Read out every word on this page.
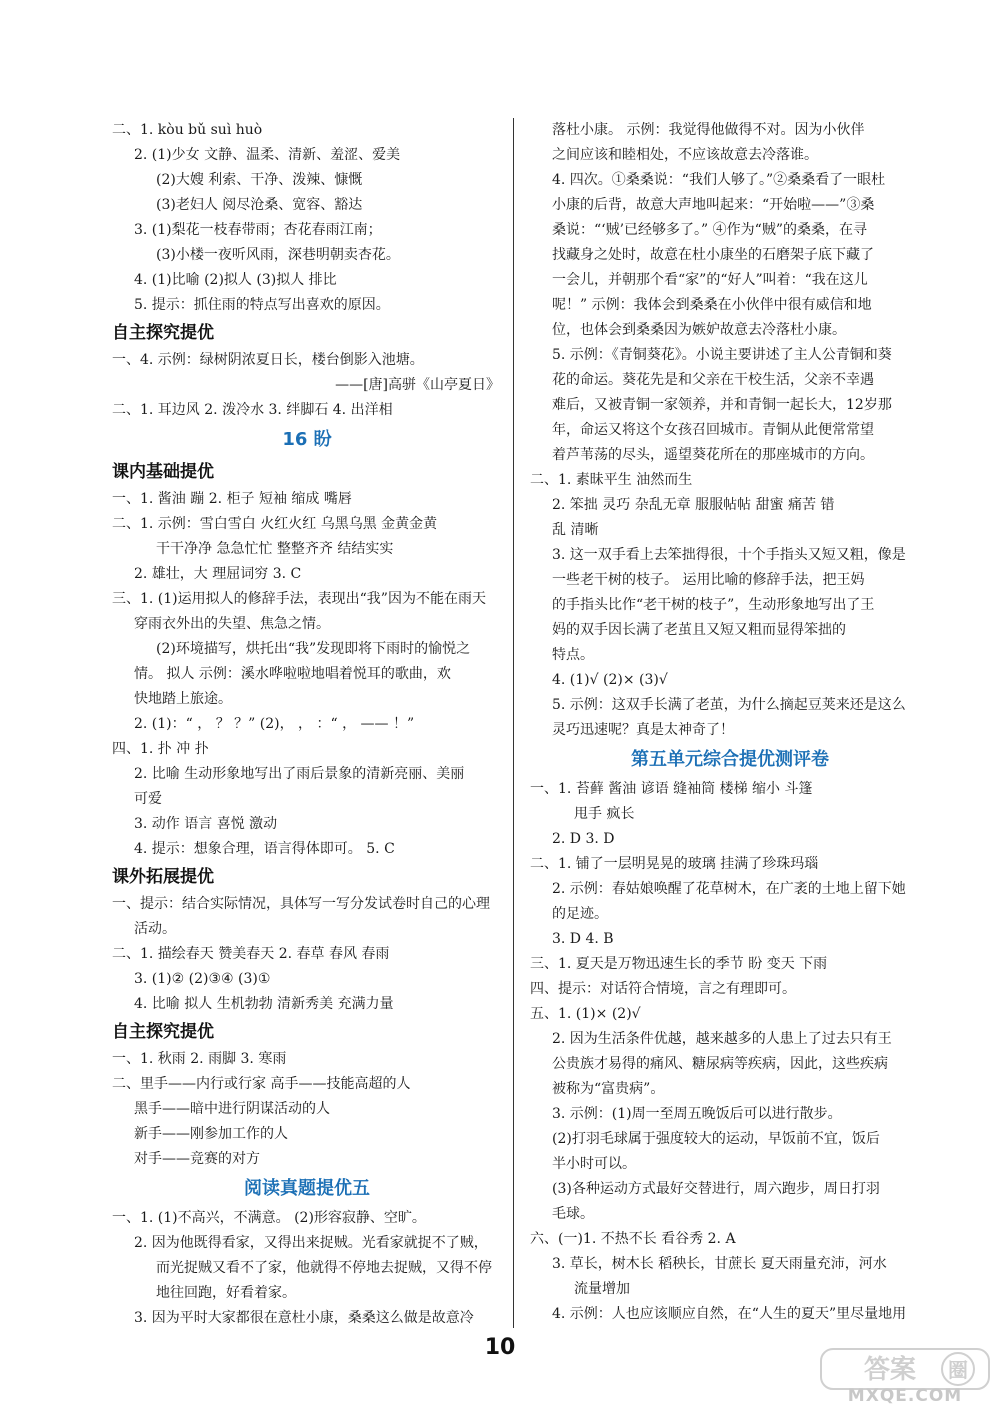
二、1. kòu bǔ suì huò
2. (1)少女 文静、温柔、清新、羞涩、爱美
(2)大嫂 利索、干净、泼辣、慷慨
(3)老妇人 阅尽沧桑、宽容、豁达
3. (1)梨花一枝春带雨；杏花春雨江南；
(3)小楼一夜听风雨，深巷明朝卖杏花。
4. (1)比喻 (2)拟人 (3)拟人 排比
5. 提示：抓住雨的特点写出喜欢的原因。
自主探究提优
一、4. 示例：绿树阴浓夏日长，楼台倒影入池塘。
——[唐]高骈《山亭夏日》
二、1. 耳边风 2. 泼冷水 3. 绊脚石 4. 出洋相
16 盼
课内基础提优
一、1. 酱油 蹦 2. 柜子 短袖 缩成 嘴唇
二、1. 示例：雪白雪白 火红火红 乌黑乌黑 金黄金黄
干干净净 急急忙忙 整整齐齐 结结实实
2. 雄壮，大 理屈词穷 3. C
三、1. (1)运用拟人的修辞手法，表现出“我”因为不能在雨天
穿雨衣外出的失望、焦急之情。
(2)环境描写，烘托出“我”发现即将下雨时的愉悦之
情。 拟人 示例：溪水哗啦啦地唱着悦耳的歌曲，欢
快地踏上旅途。
2. (1)：“ ， ？ ？” (2)， ， ：“ ， —— ！”
四、1. 扑 冲 扑
2. 比喻 生动形象地写出了雨后景象的清新亮丽、美丽
可爱
3. 动作 语言 喜悦 激动
4. 提示：想象合理，语言得体即可。 5. C
课外拓展提优
一、提示：结合实际情况，具体写一写分发试卷时自己的心理
活动。
二、1. 描绘春天 赞美春天 2. 春草 春风 春雨
3. (1)② (2)③④ (3)①
4. 比喻 拟人 生机勃勃 清新秀美 充满力量
自主探究提优
一、1. 秋雨 2. 雨脚 3. 寒雨
二、里手——内行或行家 高手——技能高超的人
黑手——暗中进行阴谋活动的人
新手——刚参加工作的人
对手——竞赛的对方
阅读真题提优五
一、1. (1)不高兴，不满意。 (2)形容寂静、空旷。
2. 因为他既得看家，又得出来捉贼。光看家就捉不了贼，
而光捉贼又看不了家，他就得不停地去捉贼，又得不停
地往回跑，好看着家。
3. 因为平时大家都很在意杜小康，桑桑这么做是故意冷
落杜小康。 示例：我觉得他做得不对。因为小伙伴
之间应该和睦相处，不应该故意去冷落谁。
4. 四次。①桑桑说：“我们人够了。”②桑桑看了一眼杜
小康的后背，故意大声地叫起来：“开始啦——”③桑
桑说：“‘贼’已经够多了。” ④作为“贼”的桑桑，在寻
找藏身之处时，故意在杜小康坐的石磨架子底下藏了
一会儿，并朝那个看“家”的“好人”叫着：“我在这儿
呢！” 示例：我体会到桑桑在小伙伴中很有威信和地
位，也体会到桑桑因为嫉妒故意去冷落杜小康。
5. 示例：《青铜葵花》。小说主要讲述了主人公青铜和葵
花的命运。葵花先是和父亲在干校生活，父亲不幸遇
难后，又被青铜一家领养，并和青铜一起长大，12岁那
年，命运又将这个女孩召回城市。青铜从此便常常望
着芦苇荡的尽头，遥望葵花所在的那座城市的方向。
二、1. 素昧平生 油然而生
2. 笨拙 灵巧 杂乱无章 服服帖帖 甜蜜 痛苦 错
乱 清晰
3. 这一双手看上去笨拙得很，十个手指头又短又粗，像是
一些老干树的枝子。 运用比喻的修辞手法，把王妈
的手指头比作“老干树的枝子”，生动形象地写出了王
妈的双手因长满了老茧且又短又粗而显得笨拙的
特点。
4. (1)√ (2)× (3)√
5. 示例：这双手长满了老茧，为什么摘起豆荚来还是这么
灵巧迅速呢？真是太神奇了！
第五单元综合提优测评卷
一、1. 苔藓 酱油 谚语 缝袖筒 楼梯 缩小 斗篷
甩手 疯长
2. D 3. D
二、1. 铺了一层明晃晃的玻璃 挂满了珍珠玛瑙
2. 示例：春姑娘唤醒了花草树木，在广袤的土地上留下她
的足迹。
3. D 4. B
三、1. 夏天是万物迅速生长的季节 盼 变天 下雨
四、提示：对话符合情境，言之有理即可。
五、1. (1)× (2)√
2. 因为生活条件优越，越来越多的人患上了过去只有王
公贵族才易得的痛风、糖尿病等疾病，因此，这些疾病
被称为“富贵病”。
3. 示例：(1)周一至周五晚饭后可以进行散步。
(2)打羽毛球属于强度较大的运动，早饭前不宜，饭后
半小时可以。
(3)各种运动方式最好交替进行，周六跑步，周日打羽
毛球。
六、(一)1. 不热不长 看谷秀 2. A
3. 草长，树木长 稻秧长，甘蔗长 夏天雨量充沛，河水
流量增加
4. 示例：人也应该顺应自然，在“人生的夏天”里尽量地用
10
答案 圈
MXQE.COM
